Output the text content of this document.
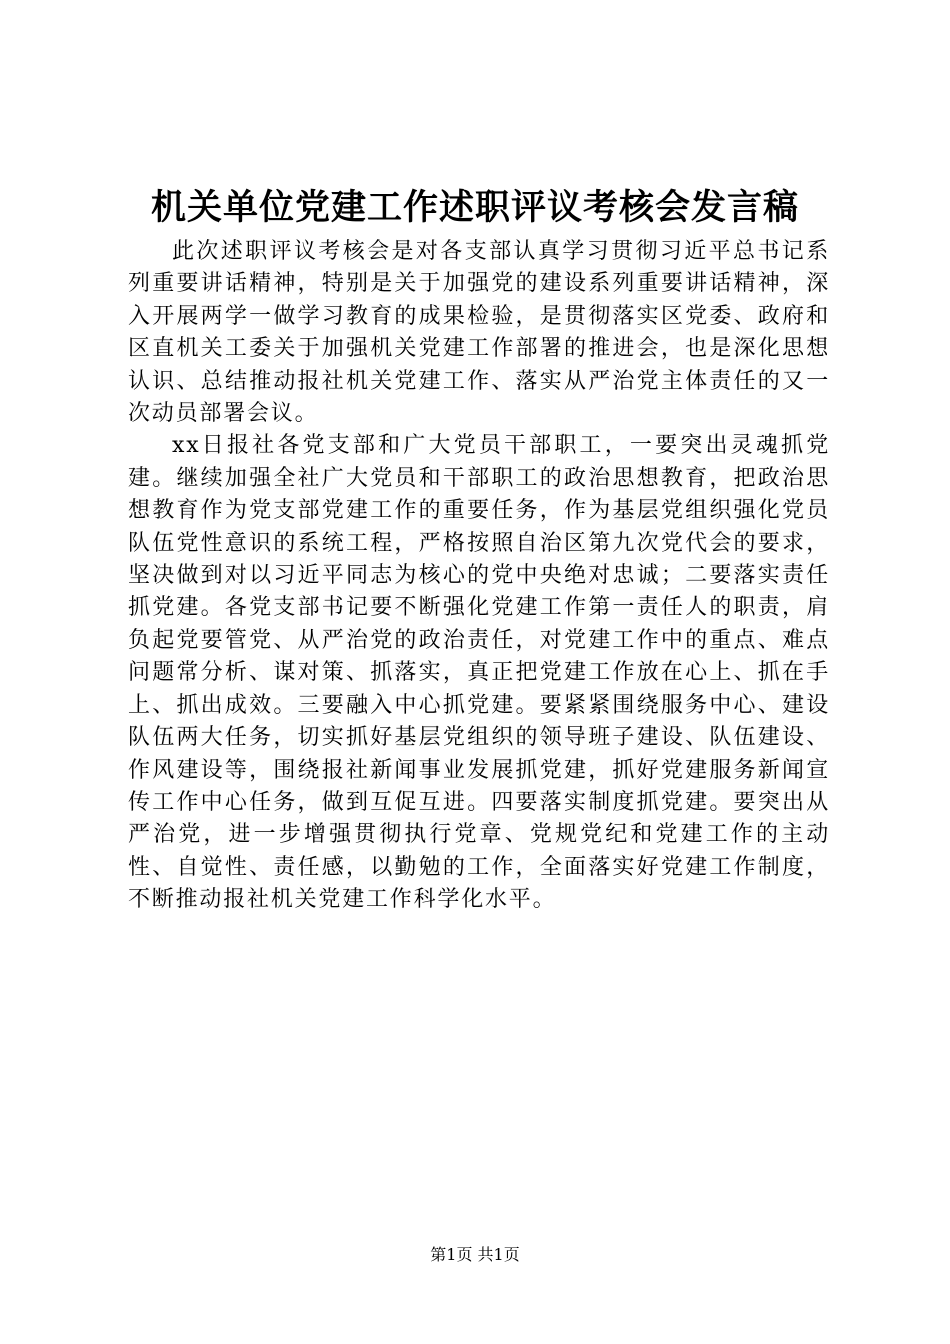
机关单位党建工作述职评议考核会发言稿

此次述职评议考核会是对各支部认真学习贯彻习近平总书记系列重要讲话精神，特别是关于加强党的建设系列重要讲话精神，深入开展两学一做学习教育的成果检验，是贯彻落实区党委、政府和区直机关工委关于加强机关党建工作部署的推进会，也是深化思想认识、总结推动报社机关党建工作、落实从严治党主体责任的又一次动员部署会议。

xx日报社各党支部和广大党员干部职工，一要突出灵魂抓党建。继续加强全社广大党员和干部职工的政治思想教育，把政治思想教育作为党支部党建工作的重要任务，作为基层党组织强化党员队伍党性意识的系统工程，严格按照自治区第九次党代会的要求，坚决做到对以习近平同志为核心的党中央绝对忠诚；二要落实责任抓党建。各党支部书记要不断强化党建工作第一责任人的职责，肩负起党要管党、从严治党的政治责任，对党建工作中的重点、难点问题常分析、谋对策、抓落实，真正把党建工作放在心上、抓在手上、抓出成效。三要融入中心抓党建。要紧紧围绕服务中心、建设队伍两大任务，切实抓好基层党组织的领导班子建设、队伍建设、作风建设等，围绕报社新闻事业发展抓党建，抓好党建服务新闻宣传工作中心任务，做到互促互进。四要落实制度抓党建。要突出从严治党，进一步增强贯彻执行党章、党规党纪和党建工作的主动性、自觉性、责任感，以勤勉的工作，全面落实好党建工作制度，不断推动报社机关党建工作科学化水平。

第1页 共1页
